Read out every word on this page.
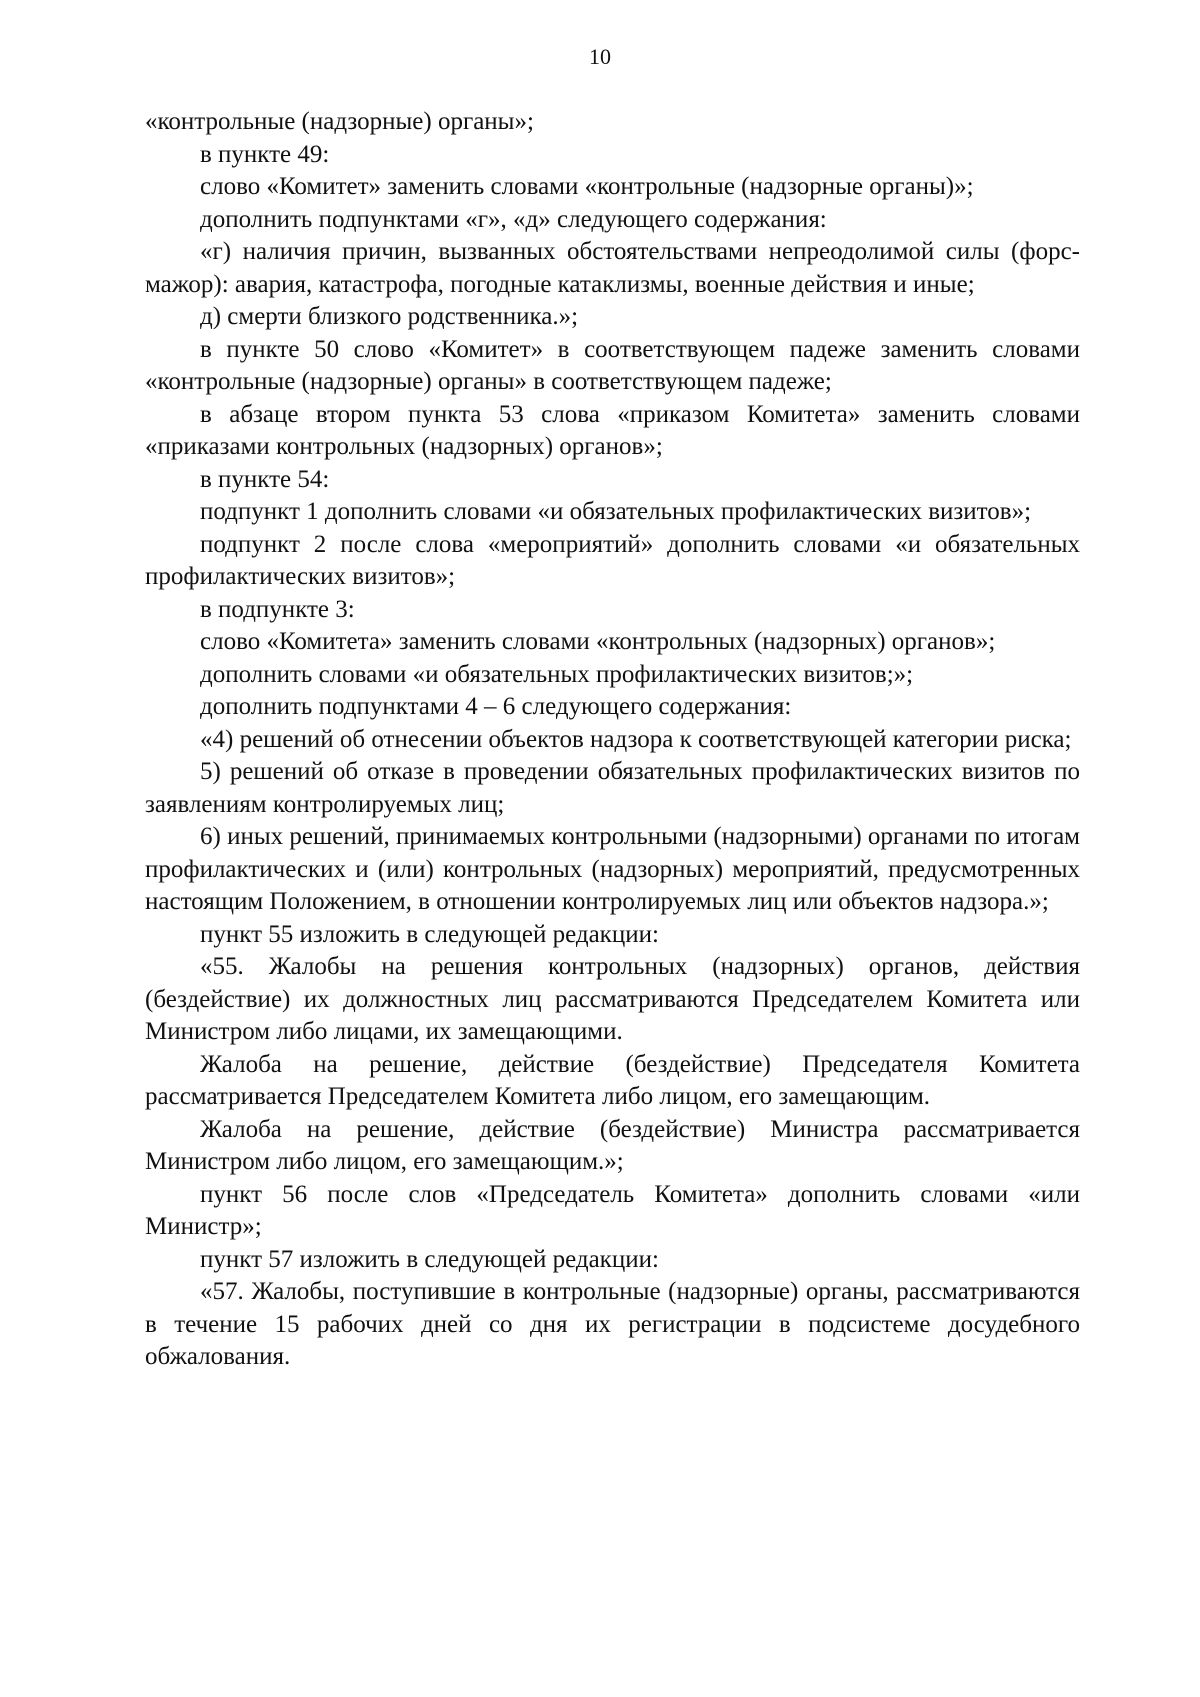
10

«контрольные (надзорные) органы»;

в пункте 49:

слово «Комитет» заменить словами «контрольные (надзорные органы)»;

дополнить подпунктами «г», «д» следующего содержания:

«г) наличия причин, вызванных обстоятельствами непреодолимой силы (форс-мажор): авария, катастрофа, погодные катаклизмы, военные действия и иные;

д) смерти близкого родственника.»;

в пункте 50 слово «Комитет» в соответствующем падеже заменить словами «контрольные (надзорные) органы» в соответствующем падеже;

в абзаце втором пункта 53 слова «приказом Комитета» заменить словами «приказами контрольных (надзорных) органов»;

в пункте 54:

подпункт 1 дополнить словами «и обязательных профилактических визитов»;

подпункт 2 после слова «мероприятий» дополнить словами «и обязательных профилактических визитов»;

в подпункте 3:

слово «Комитета» заменить словами «контрольных (надзорных) органов»;

дополнить словами «и обязательных профилактических визитов;»;

дополнить подпунктами 4 – 6 следующего содержания:

«4) решений об отнесении объектов надзора к соответствующей категории риска;

5) решений об отказе в проведении обязательных профилактических визитов по заявлениям контролируемых лиц;

6) иных решений, принимаемых контрольными (надзорными) органами по итогам профилактических и (или) контрольных (надзорных) мероприятий, предусмотренных настоящим Положением, в отношении контролируемых лиц или объектов надзора.»;

пункт 55 изложить в следующей редакции:

«55. Жалобы на решения контрольных (надзорных) органов, действия (бездействие) их должностных лиц рассматриваются Председателем Комитета или Министром либо лицами, их замещающими.

Жалоба на решение, действие (бездействие) Председателя Комитета рассматривается Председателем Комитета либо лицом, его замещающим.

Жалоба на решение, действие (бездействие) Министра рассматривается Министром либо лицом, его замещающим.»;

пункт 56 после слов «Председатель Комитета» дополнить словами «или Министр»;

пункт 57 изложить в следующей редакции:

«57. Жалобы, поступившие в контрольные (надзорные) органы, рассматриваются в течение 15 рабочих дней со дня их регистрации в подсистеме досудебного обжалования.
